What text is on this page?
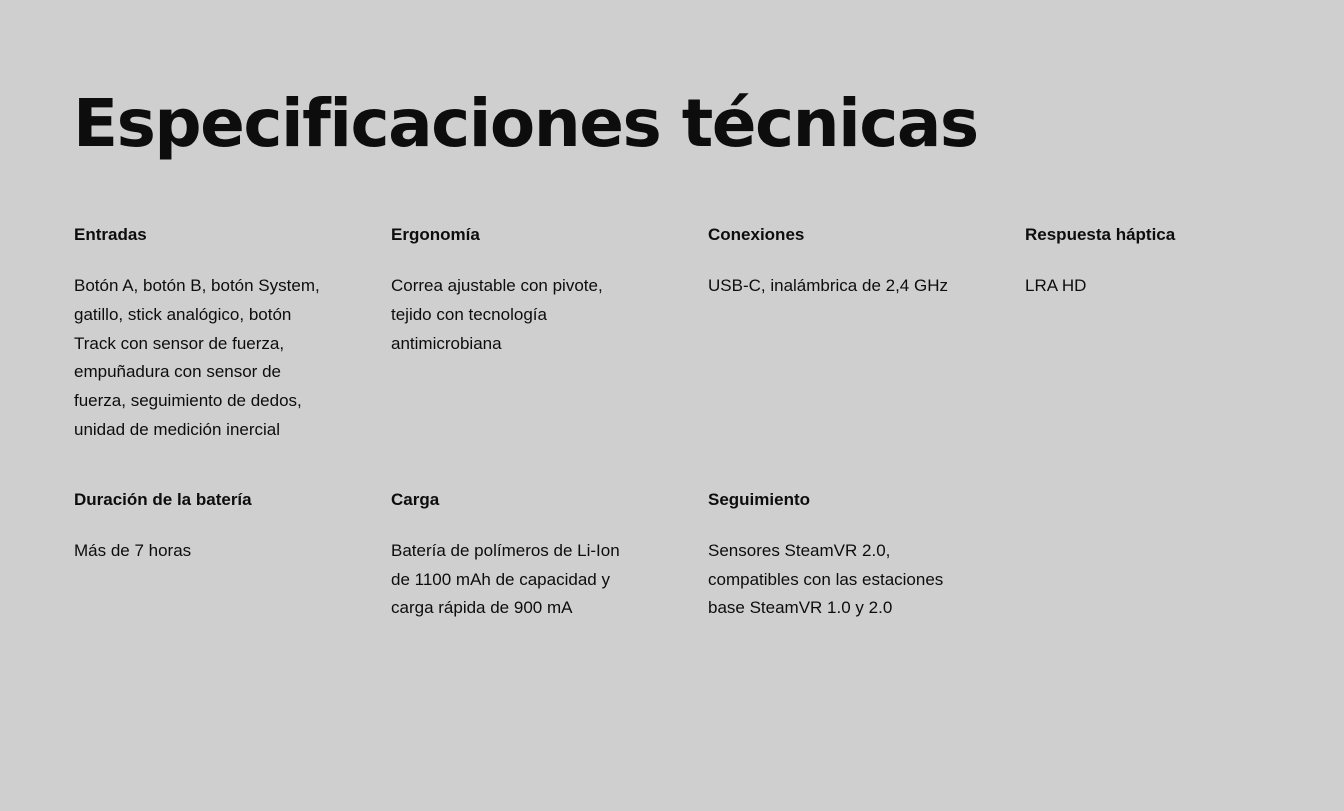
Especificaciones técnicas
Entradas

Botón A, botón B, botón System, gatillo, stick analógico, botón Track con sensor de fuerza, empuñadura con sensor de fuerza, seguimiento de dedos, unidad de medición inercial

Ergonomía

Correa ajustable con pivote, tejido con tecnología antimicrobiana

Conexiones

USB-C, inalámbrica de 2,4 GHz

Respuesta háptica

LRA HD

Duración de la batería

Más de 7 horas

Carga

Batería de polímeros de Li-Ion de 1100 mAh de capacidad y carga rápida de 900 mA

Seguimiento

Sensores SteamVR 2.0, compatibles con las estaciones base SteamVR 1.0 y 2.0
